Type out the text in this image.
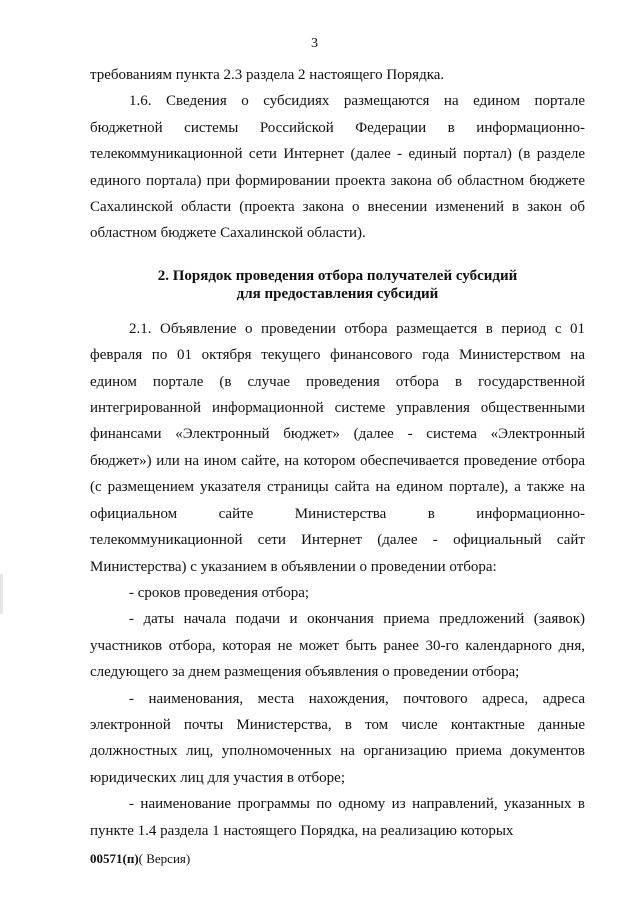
3

требованиям пункта 2.3 раздела 2 настоящего Порядка.

1.6. Сведения о субсидиях размещаются на едином портале бюджетной системы Российской Федерации в информационно-телекоммуникационной сети Интернет (далее - единый портал) (в разделе единого портала) при формировании проекта закона об областном бюджете Сахалинской области (проекта закона о внесении изменений в закон об областном бюджете Сахалинской области).

2. Порядок проведения отбора получателей субсидий
для предоставления субсидий

2.1. Объявление о проведении отбора размещается в период с 01 февраля по 01 октября текущего финансового года Министерством на едином портале (в случае проведения отбора в государственной интегрированной информационной системе управления общественными финансами «Электронный бюджет» (далее - система «Электронный бюджет») или на ином сайте, на котором обеспечивается проведение отбора (с размещением указателя страницы сайта на едином портале), а также на официальном сайте Министерства в информационно-телекоммуникационной сети Интернет (далее - официальный сайт Министерства) с указанием в объявлении о проведении отбора:

- сроков проведения отбора;

- даты начала подачи и окончания приема предложений (заявок) участников отбора, которая не может быть ранее 30-го календарного дня, следующего за днем размещения объявления о проведении отбора;

- наименования, места нахождения, почтового адреса, адреса электронной почты Министерства, в том числе контактные данные должностных лиц, уполномоченных на организацию приема документов юридических лиц для участия в отборе;

- наименование программы по одному из направлений, указанных в пункте 1.4 раздела 1 настоящего Порядка, на реализацию которых

00571(п)( Версия)
